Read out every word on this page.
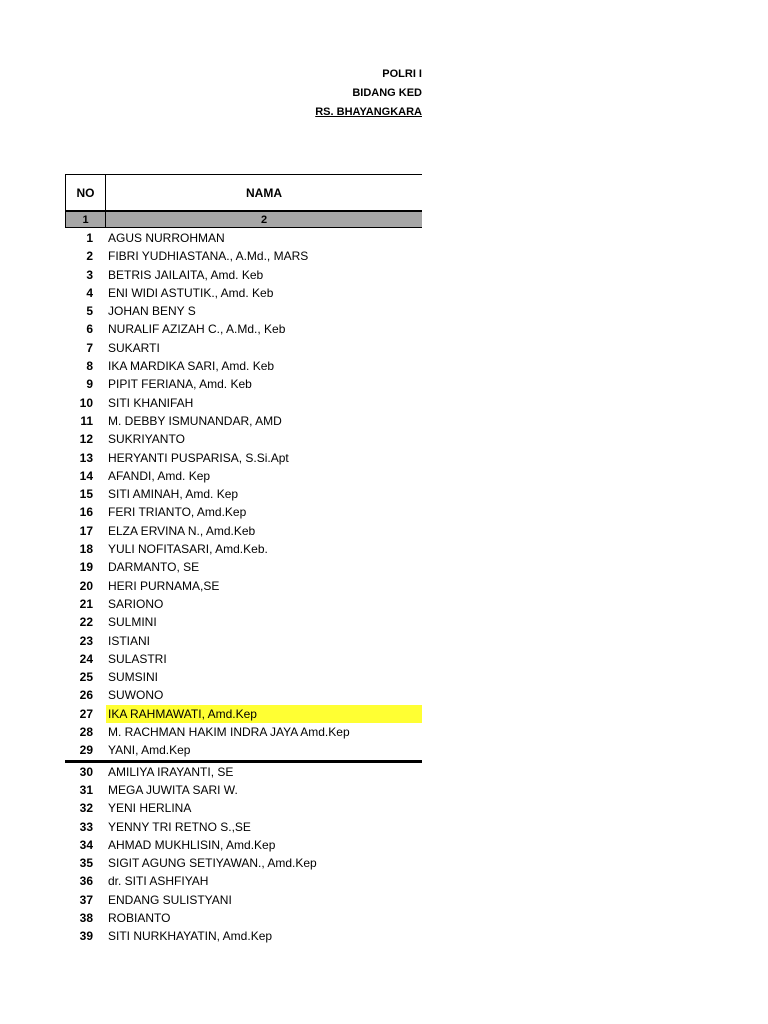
POLRI I
BIDANG KED
RS. BHAYANGKARA
NO	NAMA
1	2
1 AGUS NURROHMAN
2 FIBRI YUDHIASTANA., A.Md., MARS
3 BETRIS JAILAITA, Amd. Keb
4 ENI WIDI ASTUTIK., Amd. Keb
5 JOHAN BENY S
6 NURALIF AZIZAH C., A.Md., Keb
7 SUKARTI
8 IKA MARDIKA SARI, Amd. Keb
9 PIPIT FERIANA, Amd. Keb
10 SITI KHANIFAH
11 M. DEBBY ISMUNANDAR, AMD
12 SUKRIYANTO
13 HERYANTI PUSPARISA, S.Si.Apt
14 AFANDI, Amd. Kep
15 SITI AMINAH, Amd. Kep
16 FERI TRIANTO, Amd.Kep
17 ELZA ERVINA N., Amd.Keb
18 YULI NOFITASARI, Amd.Keb.
19 DARMANTO, SE
20 HERI PURNAMA,SE
21 SARIONO
22 SULMINI
23 ISTIANI
24 SULASTRI
25 SUMSINI
26 SUWONO
27 IKA RAHMAWATI, Amd.Kep
28 M. RACHMAN HAKIM INDRA JAYA Amd.Kep
29 YANI, Amd.Kep
30 AMILIYA IRAYANTI, SE
31 MEGA JUWITA SARI W.
32 YENI HERLINA
33 YENNY TRI RETNO S.,SE
34 AHMAD MUKHLISIN, Amd.Kep
35 SIGIT AGUNG SETIYAWAN., Amd.Kep
36 dr. SITI ASHFIYAH
37 ENDANG SULISTYANI
38 ROBIANTO
39 SITI NURKHAYATIN, Amd.Kep
